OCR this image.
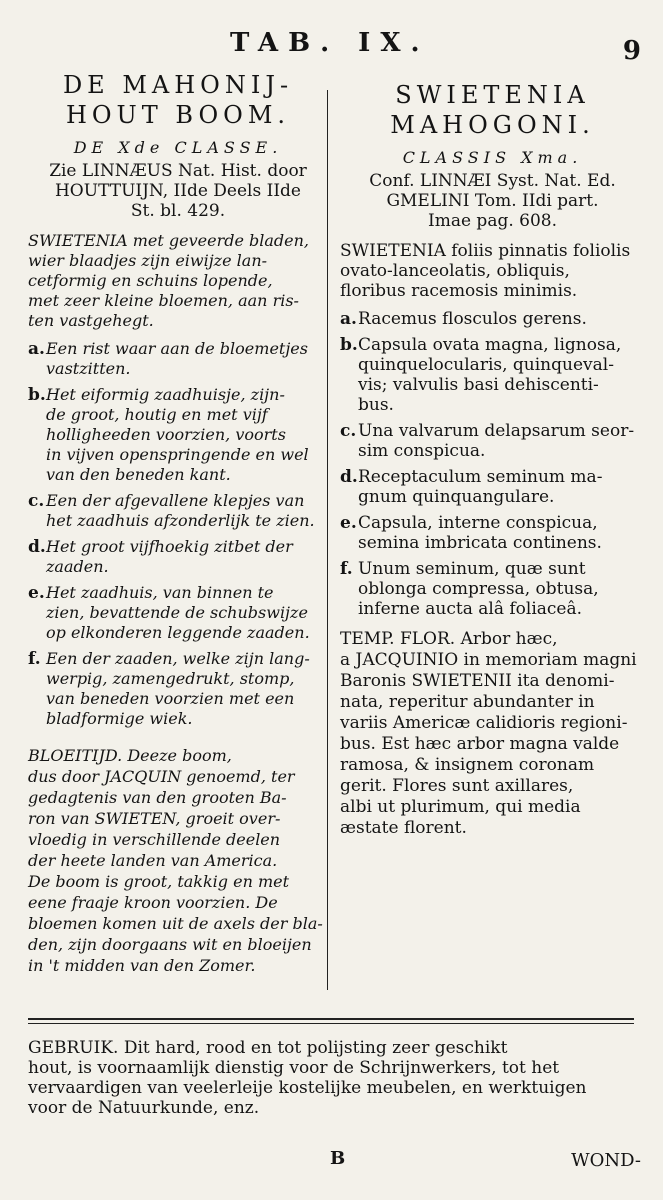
TAB. IX.	9
DE MAHONIJ-
HOUT BOOM.
DE Xde CLASSE.
Zie LINNÆUS Nat. Hist. door
HOUTTUIJN, IIde Deels IIde
St. bl. 429.
SWIETENIA met geveerde bladen,
wier blaadjes zijn eiwijze lan-
cetformig en schuins lopende,
met zeer kleine bloemen, aan ris-
ten vastgehegt.
a. Een rist waar aan de bloemetjes
vastzitten.
b. Het eiformig zaadhuisje, zijn-
de groot, houtig en met vijf
holligheeden voorzien, voorts
in vijven openspringende en wel
van den beneden kant.
c. Een der afgevallene klepjes van
het zaadhuis afzonderlijk te zien.
d. Het groot vijfhoekig zitbet der
zaaden.
e. Het zaadhuis, van binnen te
zien, bevattende de schubswijze
op elkonderen leggende zaaden.
f. Een der zaaden, welke zijn lang-
werpig, zamengedrukt, stomp,
van beneden voorzien met een
bladformige wiek.
BLOEITIJD. Deeze boom,
dus door JACQUIN genoemd, ter
gedagtenis van den grooten Ba-
ron van SWIETEN, groeit over-
vloedig in verschillende deelen
der heete landen van America.
De boom is groot, takkig en met
eene fraaje kroon voorzien. De
bloemen komen uit de axels der bla-
den, zijn doorgaans wit en bloeijen
in 't midden van den Zomer.
SWIETENIA
MAHOGONI.
CLASSIS Xma.
Conf. LINNÆI Syst. Nat. Ed.
GMELINI Tom. IIdi part.
Imae pag. 608.
SWIETENIA foliis pinnatis foliolis
ovato-lanceolatis, obliquis,
floribus racemosis minimis.
a. Racemus flosculos gerens.
b. Capsula ovata magna, lignosa,
quinquelocularis, quinqueval-
vis; valvulis basi dehiscenti-
bus.
c. Una valvarum delapsarum seor-
sim conspicua.
d. Receptaculum seminum ma-
gnum quinquangulare.
e. Capsula, interne conspicua,
semina imbricata continens.
f. Unum seminum, quæ sunt
oblonga compressa, obtusa,
inferne aucta alâ foliaceâ.
TEMP. FLOR. Arbor hæc,
a JACQUINIO in memoriam magni
Baronis SWIETENII ita denomi-
nata, reperitur abundanter in
variis Americæ calidioris regioni-
bus. Est hæc arbor magna valde
ramosa, & insignem coronam
gerit. Flores sunt axillares,
albi ut plurimum, qui media
æstate florent.
GEBRUIK. Dit hard, rood en tot polijsting zeer geschikt
hout, is voornaamlijk dienstig voor de Schrijnwerkers, tot het
vervaardigen van veelerleije kostelijke meubelen, en werktuigen
voor de Natuurkunde, enz.
B	WOND-
